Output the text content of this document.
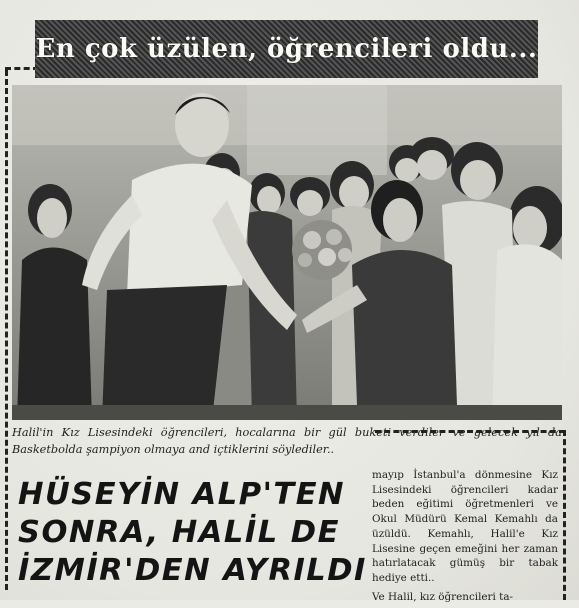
En çok üzülen, öğrencileri oldu...

Halil'in Kız Lisesindeki öğrencileri, hocalarına bir gül buketi verdiler ve gelecek yıl da Basketbolda şampiyon olmaya and içtiklerini söylediler..

HÜSEYİN ALP'TEN SONRA, HALİL DE İZMİR'DEN AYRILDI

mayıp İstanbul'a dönmesine Kız Lisesindeki öğrencileri kadar beden eğitimi öğretmenleri ve Okul Müdürü Kemal Kemahlı da üzüldü. Kemahlı, Halil'e Kız Lisesine geçen emeğini her zaman hatırlatacak gümüş bir tabak hediye etti..

Ve Halil, kız öğrencileri ta-
